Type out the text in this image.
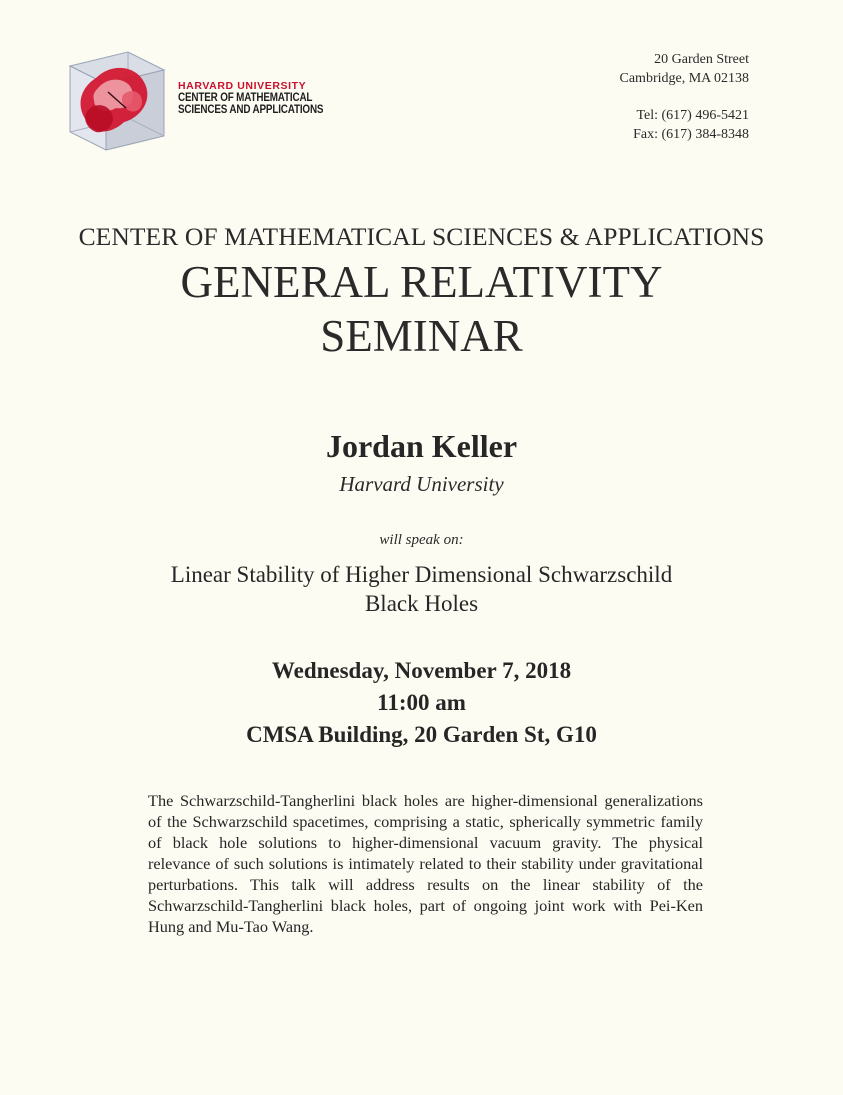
HARVARD UNIVERSITY
CENTER OF MATHEMATICAL
SCIENCES AND APPLICATIONS
20 Garden Street
Cambridge, MA 02138
Tel: (617) 496-5421
Fax: (617) 384-8348
CENTER OF MATHEMATICAL SCIENCES & APPLICATIONS
GENERAL RELATIVITY
SEMINAR
Jordan Keller
Harvard University
will speak on:
Linear Stability of Higher Dimensional Schwarzschild
Black Holes
Wednesday, November 7, 2018
11:00 am
CMSA Building, 20 Garden St, G10

The Schwarzschild-Tangherlini black holes are higher-dimensional generalizations of the Schwarzschild spacetimes, comprising a static, spherically symmetric family of black hole solutions to higher-dimensional vacuum gravity. The physical relevance of such solutions is intimately related to their stability under gravitational perturbations. This talk will address results on the linear stability of the Schwarzschild-Tangherlini black holes, part of ongoing joint work with Pei-Ken Hung and Mu-Tao Wang.
